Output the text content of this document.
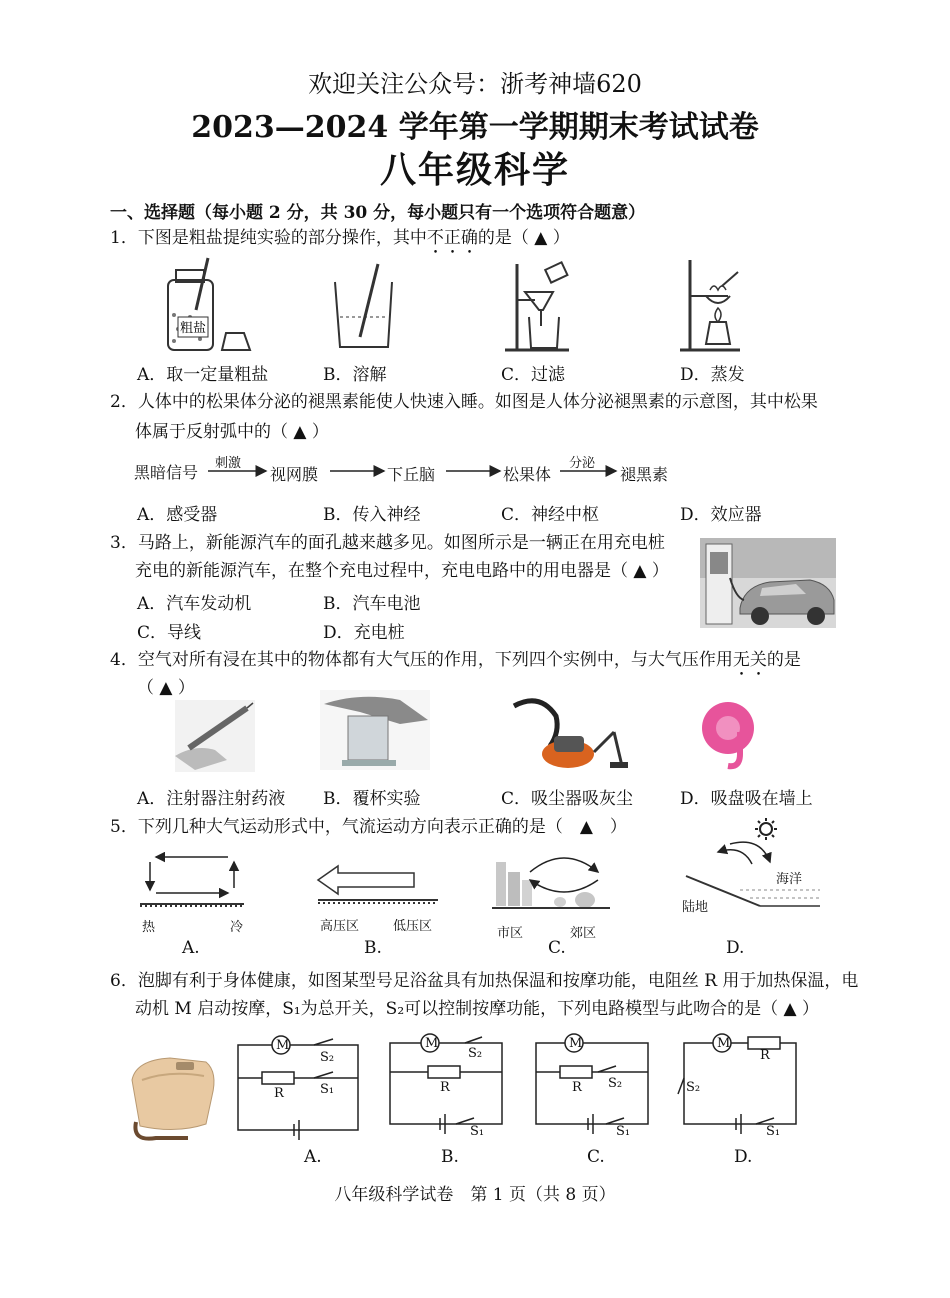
欢迎关注公众号：浙考神墙620
2023—2024 学年第一学期期末考试试卷
八年级科学
一、选择题（每小题 2 分，共 30 分，每小题只有一个选项符合题意）
1．下图是粗盐提纯实验的部分操作，其中不正确的是（ ▲ ）
粗盐
A．取一定量粗盐	B．溶解	C．过滤	D．蒸发
2．人体中的松果体分泌的褪黑素能使人快速入睡。如图是人体分泌褪黑素的示意图，其中松果
体属于反射弧中的（ ▲ ）
黑暗信号 刺激
视网膜	下丘脑	松果体
分泌
褪黑素
A．感受器	B．传入神经	C．神经中枢	D．效应器
3．马路上，新能源汽车的面孔越来越多见。如图所示是一辆正在用充电桩
充电的新能源汽车，在整个充电过程中，充电电路中的用电器是（ ▲ ）
A．汽车发动机	B．汽车电池
C．导线	D．充电桩
4．空气对所有浸在其中的物体都有大气压的作用，下列四个实例中，与大气压作用无关的是
（ ▲ ）
A．注射器注射药液 B．覆杯实验	C．吸尘器吸灰尘	D．吸盘吸在墙上
5．下列几种大气运动形式中，气流运动方向表示正确的是（　▲　）
热	冷	高压区	低压区	市区	郊区
海洋
陆地
A.	B.	C.	D.
6．泡脚有利于身体健康，如图某型号足浴盆具有加热保温和按摩功能，电阻丝 R 用于加热保温，电
动机 M 启动按摩，S₁为总开关，S₂可以控制按摩功能，下列电路模型与此吻合的是（ ▲ ）
M
R
S₂
S₁
M
R
S₂
S₁
M
R S₂
S₁
M
R
S₂
S₁
A.	B.	C.	D.
八年级科学试卷　第 1 页（共 8 页）
